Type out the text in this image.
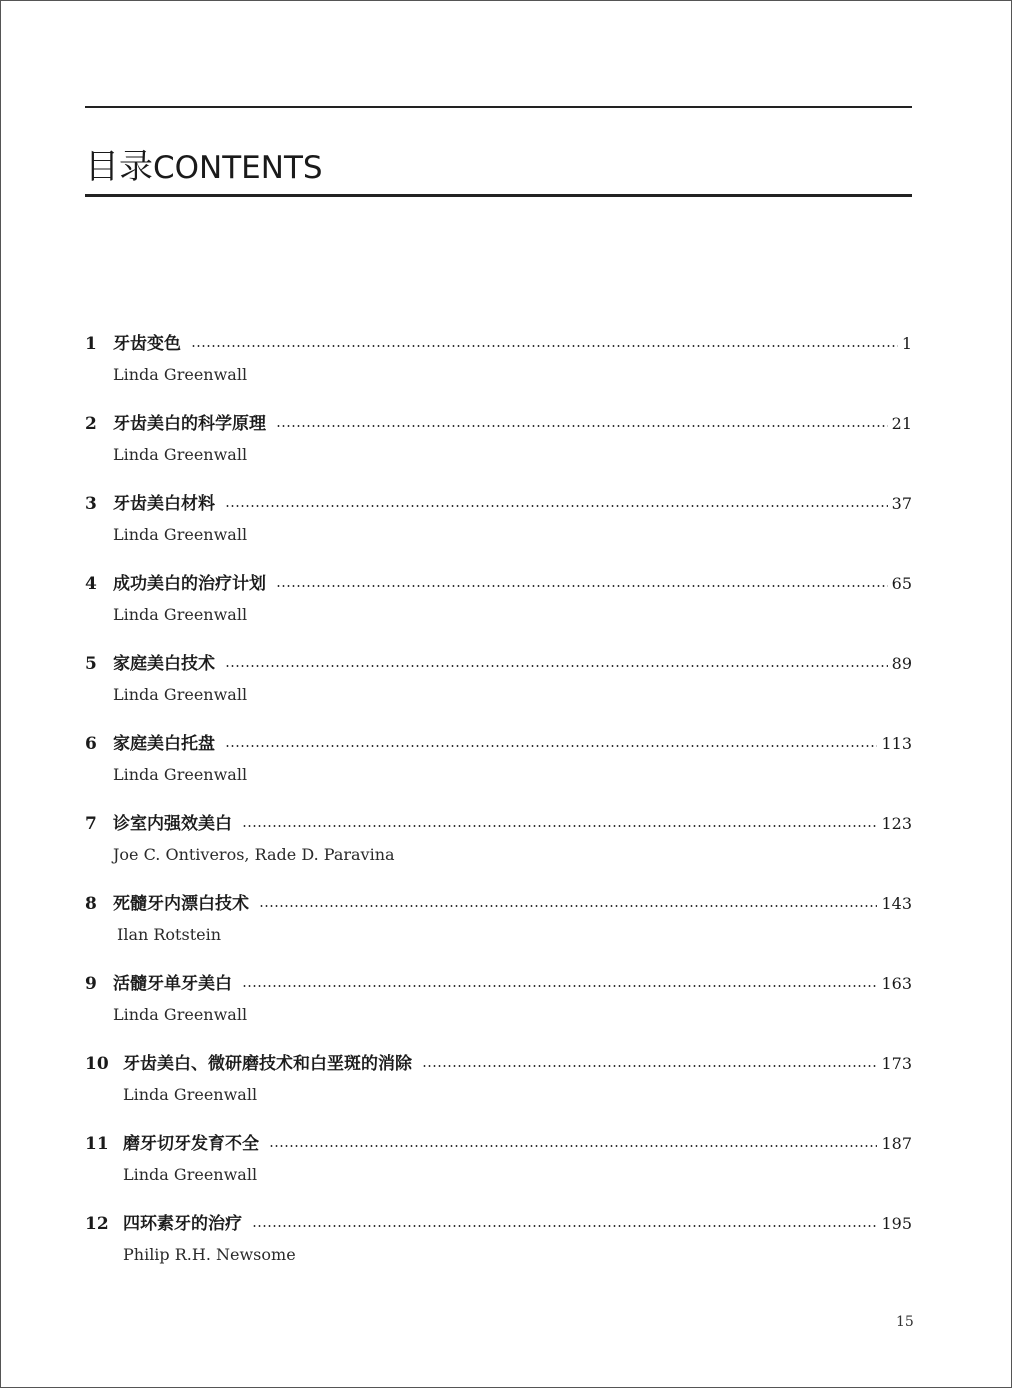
目录CONTENTS
1 牙齿变色	1
Linda Greenwall
2 牙齿美白的科学原理	21
Linda Greenwall
3 牙齿美白材料	37
Linda Greenwall
4 成功美白的治疗计划	65
Linda Greenwall
5 家庭美白技术	89
Linda Greenwall
6 家庭美白托盘	113
Linda Greenwall
7 诊室内强效美白	123
Joe C. Ontiveros, Rade D. Paravina
8 死髓牙内漂白技术	143
Ilan Rotstein
9 活髓牙单牙美白	163
Linda Greenwall
10 牙齿美白、微研磨技术和白垩斑的消除	173
Linda Greenwall
11 磨牙切牙发育不全	187
Linda Greenwall
12 四环素牙的治疗	195
Philip R.H. Newsome
15
